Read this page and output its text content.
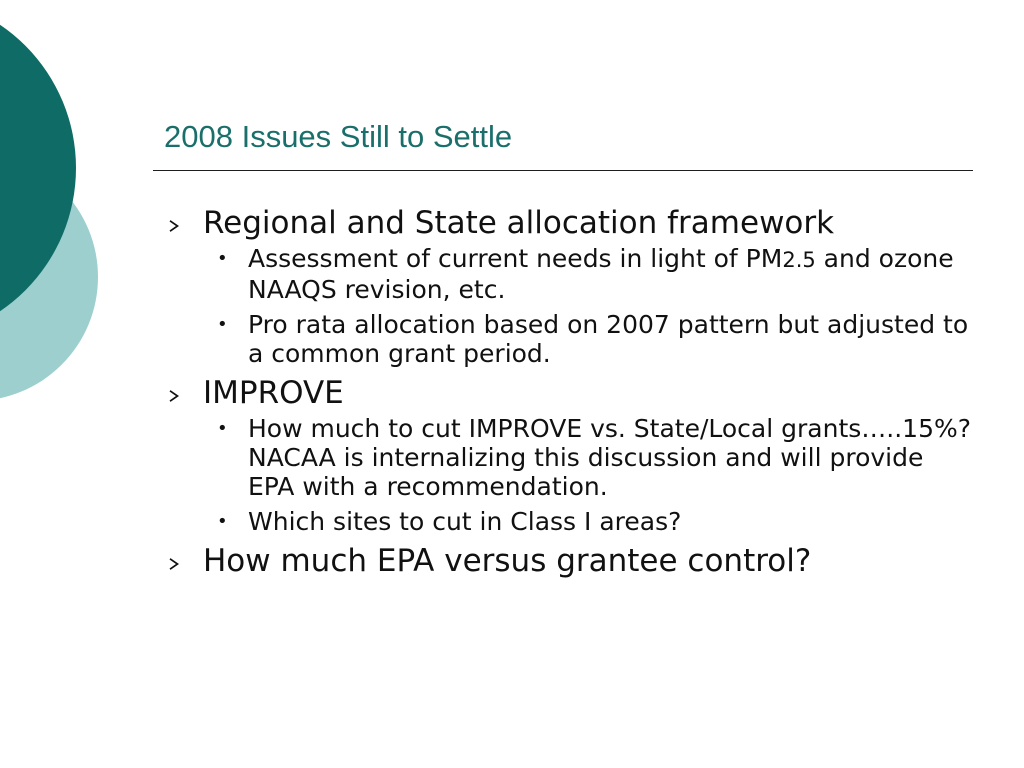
2008 Issues Still to Settle
Regional and State allocation framework
• Assessment of current needs in light of PM2.5 and ozone NAAQS revision, etc.
• Pro rata allocation based on 2007 pattern but adjusted to a common grant period.
IMPROVE
• How much to cut IMPROVE vs. State/Local grants…..15%? NACAA is internalizing this discussion and will provide EPA with a recommendation.
• Which sites to cut in Class I areas?
How much EPA versus grantee control?
